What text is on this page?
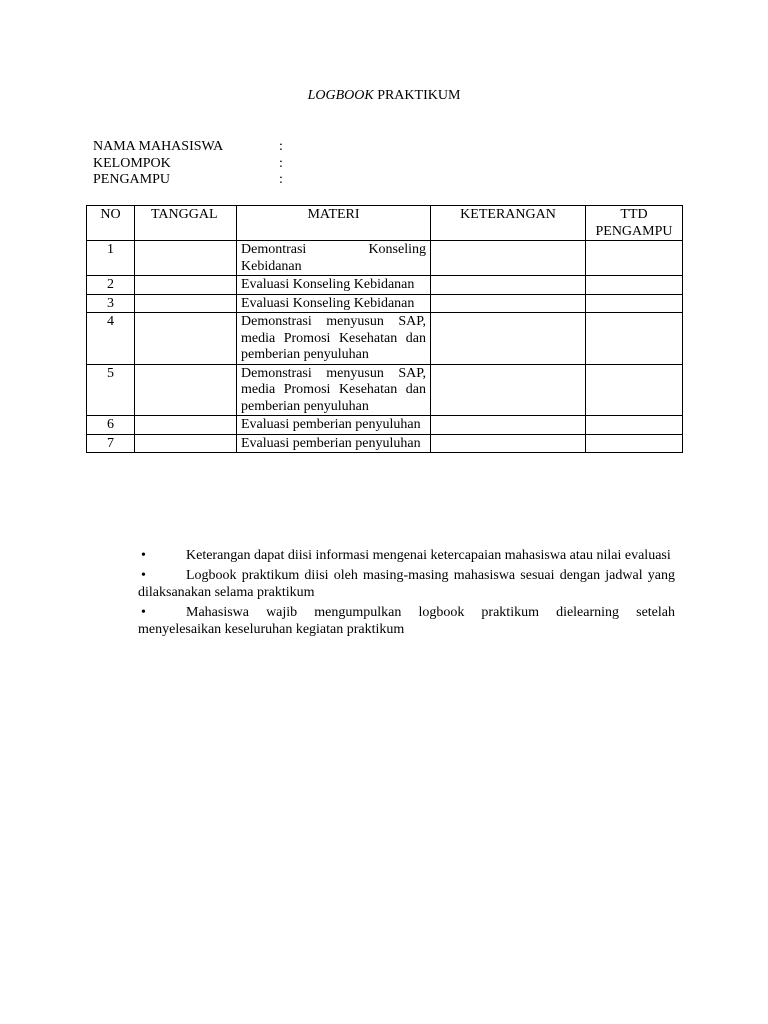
LOGBOOK PRAKTIKUM
NAMA MAHASISWA	:
KELOMPOK	:
PENGAMPU	:
NO	TANGGAL	MATERI	KETERANGAN	TTD PENGAMPU
1		Demontrasi Konseling Kebidanan		
2		Evaluasi Konseling Kebidanan		
3		Evaluasi Konseling Kebidanan		
4		Demonstrasi menyusun SAP, media Promosi Kesehatan dan pemberian penyuluhan		
5		Demonstrasi menyusun SAP, media Promosi Kesehatan dan pemberian penyuluhan		
6		Evaluasi pemberian penyuluhan		
7		Evaluasi pemberian penyuluhan		
•	Keterangan dapat diisi informasi mengenai ketercapaian mahasiswa atau nilai evaluasi
•	Logbook praktikum diisi oleh masing-masing mahasiswa sesuai dengan jadwal yang dilaksanakan selama praktikum
•	Mahasiswa wajib mengumpulkan logbook praktikum dielearning setelah menyelesaikan keseluruhan kegiatan praktikum
